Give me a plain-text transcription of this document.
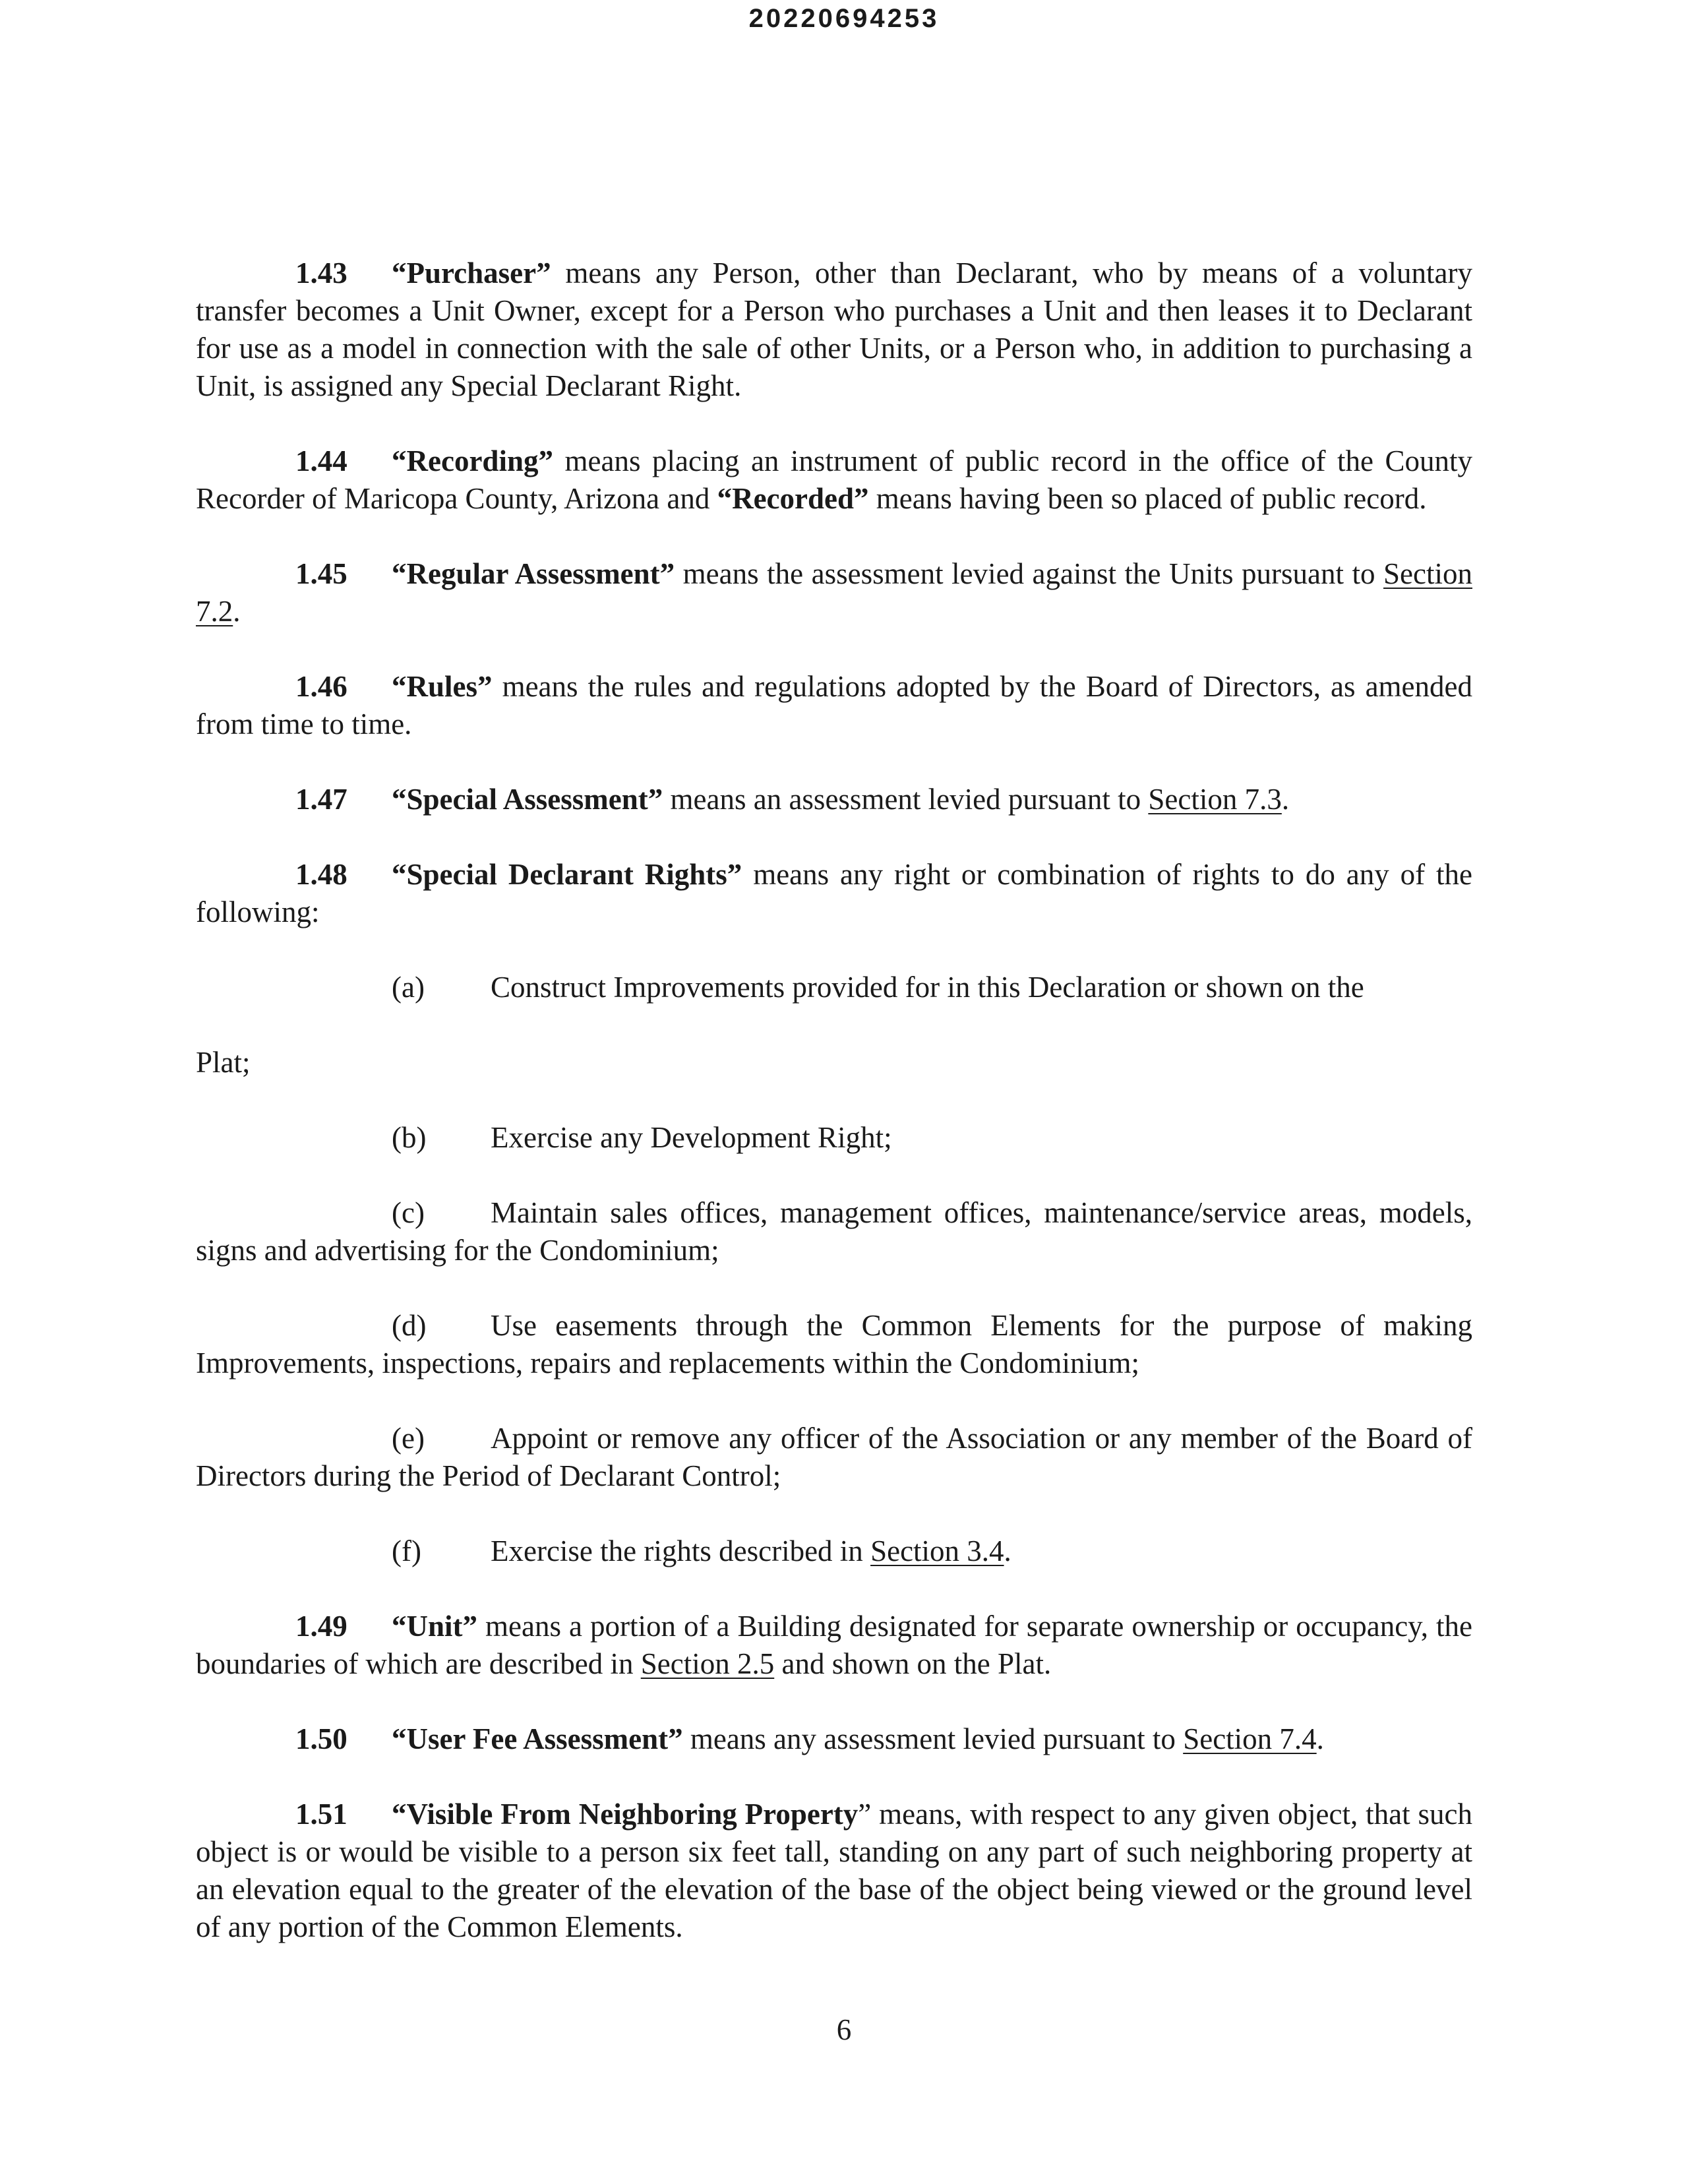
20220694253

1.43 “Purchaser” means any Person, other than Declarant, who by means of a voluntary transfer becomes a Unit Owner, except for a Person who purchases a Unit and then leases it to Declarant for use as a model in connection with the sale of other Units, or a Person who, in addition to purchasing a Unit, is assigned any Special Declarant Right.

1.44 “Recording” means placing an instrument of public record in the office of the County Recorder of Maricopa County, Arizona and “Recorded” means having been so placed of public record.

1.45 “Regular Assessment” means the assessment levied against the Units pursuant to Section 7.2.

1.46 “Rules” means the rules and regulations adopted by the Board of Directors, as amended from time to time.

1.47 “Special Assessment” means an assessment levied pursuant to Section 7.3.

1.48 “Special Declarant Rights” means any right or combination of rights to do any of the following:

(a) Construct Improvements provided for in this Declaration or shown on the

Plat;

(b) Exercise any Development Right;

(c) Maintain sales offices, management offices, maintenance/service areas, models, signs and advertising for the Condominium;

(d) Use easements through the Common Elements for the purpose of making Improvements, inspections, repairs and replacements within the Condominium;

(e) Appoint or remove any officer of the Association or any member of the Board of Directors during the Period of Declarant Control;

(f) Exercise the rights described in Section 3.4.

1.49 “Unit” means a portion of a Building designated for separate ownership or occupancy, the boundaries of which are described in Section 2.5 and shown on the Plat.

1.50 “User Fee Assessment” means any assessment levied pursuant to Section 7.4.

1.51 “Visible From Neighboring Property” means, with respect to any given object, that such object is or would be visible to a person six feet tall, standing on any part of such neighboring property at an elevation equal to the greater of the elevation of the base of the object being viewed or the ground level of any portion of the Common Elements.

6
